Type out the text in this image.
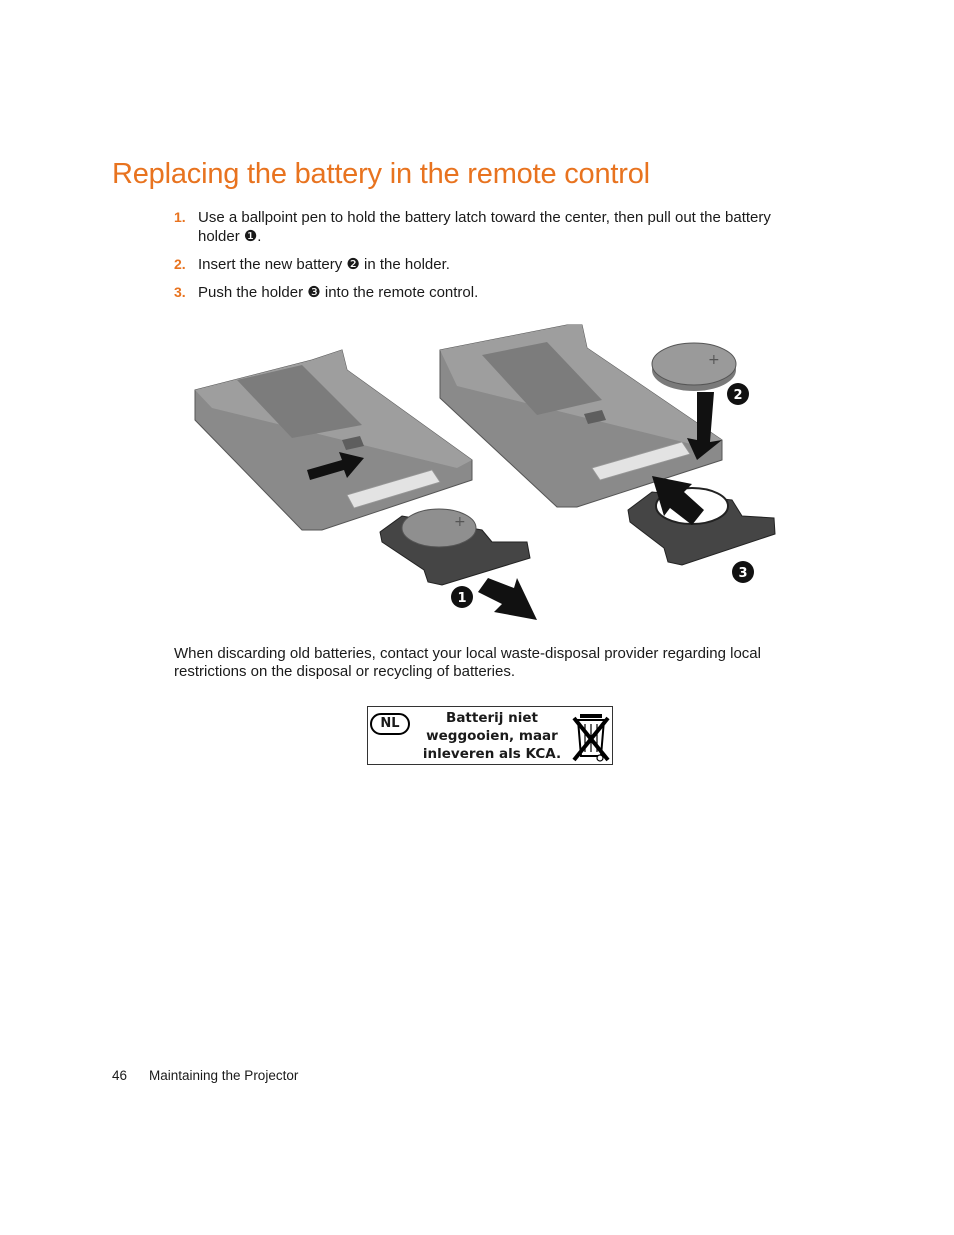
Replacing the battery in the remote control
1. Use a ballpoint pen to hold the battery latch toward the center, then pull out the battery holder ❶.
2. Insert the new battery ❷ in the holder.
3. Push the holder ❸ into the remote control.
+
1
+
2
3

When discarding old batteries, contact your local waste-disposal provider regarding local restrictions on the disposal or recycling of batteries.

NL	Batterij niet
weggooien, maar
inleveren als KCA.
46 Maintaining the Projector
